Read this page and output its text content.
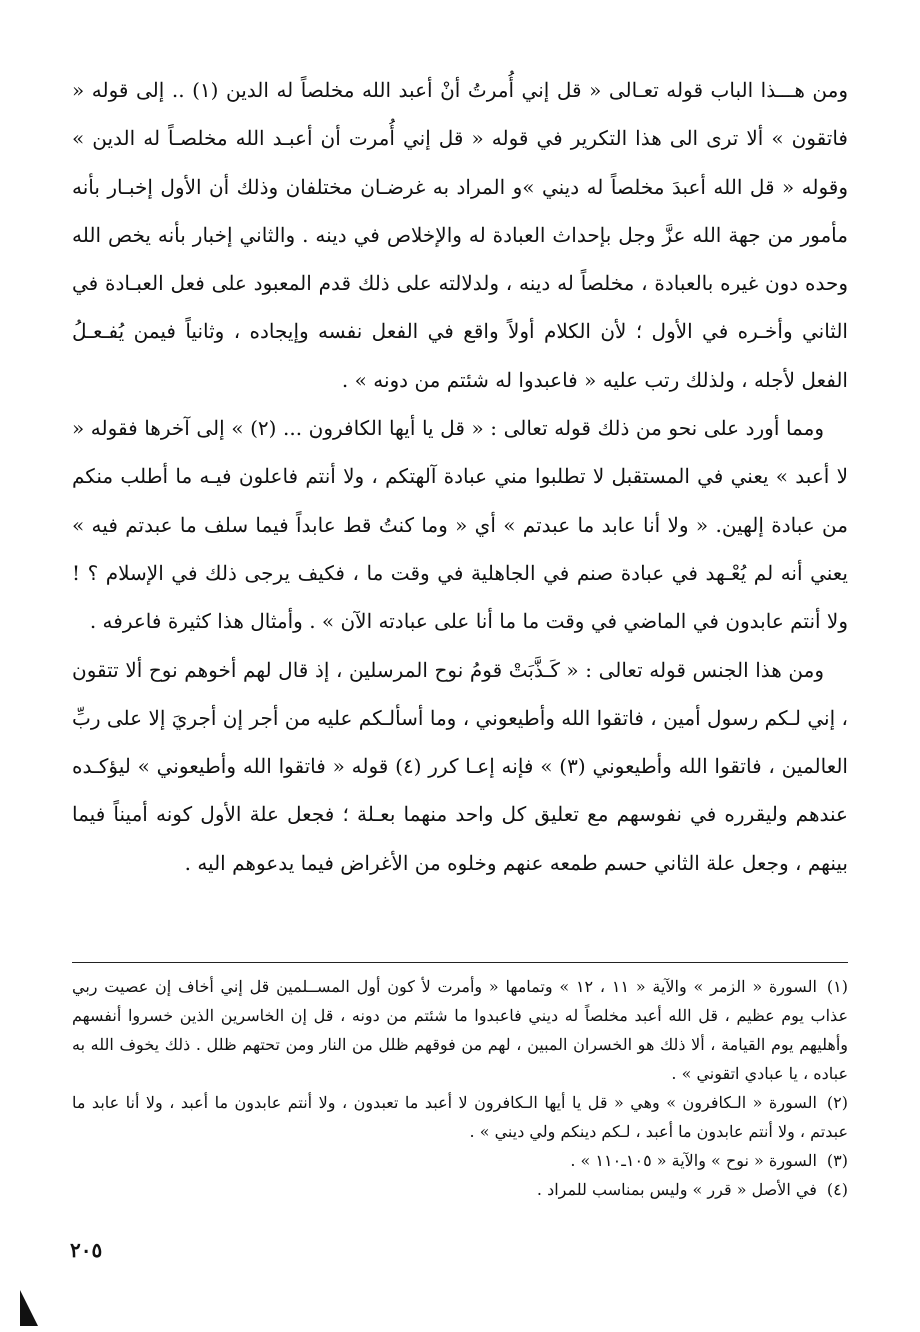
ومن هـــذا الباب قوله تعـالى « قل إني أُمرتُ أنْ أعبد الله مخلصاً له الدين (١) .. إلى قوله « فاتقون » ألا ترى الى هذا التكرير في قوله « قل إني أُمرت أن أعبـد الله مخلصـاً له الدين » وقوله « قل الله أعبدَ مخلصاً له ديني »و المراد به غرضـان مختلفان وذلك أن الأول إخبـار بأنه مأمور من جهة الله عزَّ وجل بإحداث العبادة له والإخلاص في دينه . والثاني إخبار بأنه يخص الله وحده دون غيره بالعبادة ، مخلصاً له دينه ، ولدلالته على ذلك قدم المعبود على فعل العبـادة في الثاني وأخـره في الأول ؛ لأن الكلام أولاً واقع في الفعل نفسه وإيجاده ، وثانياً فيمن يُفـعـلُ الفعل لأجله ، ولذلك رتب عليه « فاعبدوا له شئتم من دونه » .

ومما أورد على نحو من ذلك قوله تعالى : « قل يا أيها الكافرون ... (٢) » إلى آخرها فقوله « لا أعبد » يعني في المستقبل لا تطلبوا مني عبادة آلهتكم ، ولا أنتم فاعلون فيـه ما أطلب منكم من عبادة إلهين. « ولا أنا عابد ما عبدتم » أي « وما كنتُ قط عابداً فيما سلف ما عبدتم فيه » يعني أنه لم يُعْـهد في عبادة صنم في الجاهلية في وقت ما ، فكيف يرجى ذلك في الإسلام ؟ ! ولا أنتم عابدون في الماضي في وقت ما ما أنا على عبادته الآن » . وأمثال هذا كثيرة فاعرفه .

ومن هذا الجنس قوله تعالى : « كَـذَّبَتْ قومُ نوح المرسلين ، إذ قال لهم أخوهم نوح ألا تتقون ، إني لـكم رسول أمين ، فاتقوا الله وأطيعوني ، وما أسألـكم عليه من أجر إن أجريَ إلا على ربِّ العالمين ، فاتقوا الله وأطيعوني (٣) » فإنه إعـا كرر (٤) قوله « فاتقوا الله وأطيعوني » ليؤكـده عندهم وليقرره في نفوسهم مع تعليق كل واحد منهما بعـلة ؛ فجعل علة الأول كونه أميناً فيما بينهم ، وجعل علة الثاني حسم طمعه عنهم وخلوه من الأغراض فيما يدعوهم اليه .

(١)السورة « الزمر » والآية « ١١ ، ١٢ » وتمامها « وأمرت لأ كون أول المســلمين قل إني أخاف إن عصيت ربي عذاب يوم عظيم ، قل الله أعبد مخلصاً له ديني فاعبدوا ما شئتم من دونه ، قل إن الخاسرين الذين خسروا أنفسهم وأهليهم يوم القيامة ، ألا ذلك هو الخسران المبين ، لهم من فوقهم ظلل من النار ومن تحتهم ظلل . ذلك يخوف الله به عباده ، يا عبادي اتقوني » .

(٢)السورة « الـكافرون » وهي « قل يا أيها الـكافرون لا أعبد ما تعبدون ، ولا أنتم عابدون ما أعبد ، ولا أنا عابد ما عبدتم ، ولا أنتم عابدون ما أعبد ، لـكم دينكم ولي ديني » .

(٣)السورة « نوح » والآية « ١٠٥ـ١١٠ » .

(٤)في الأصل « قرر » وليس بمناسب للمراد .

٢٠٥
